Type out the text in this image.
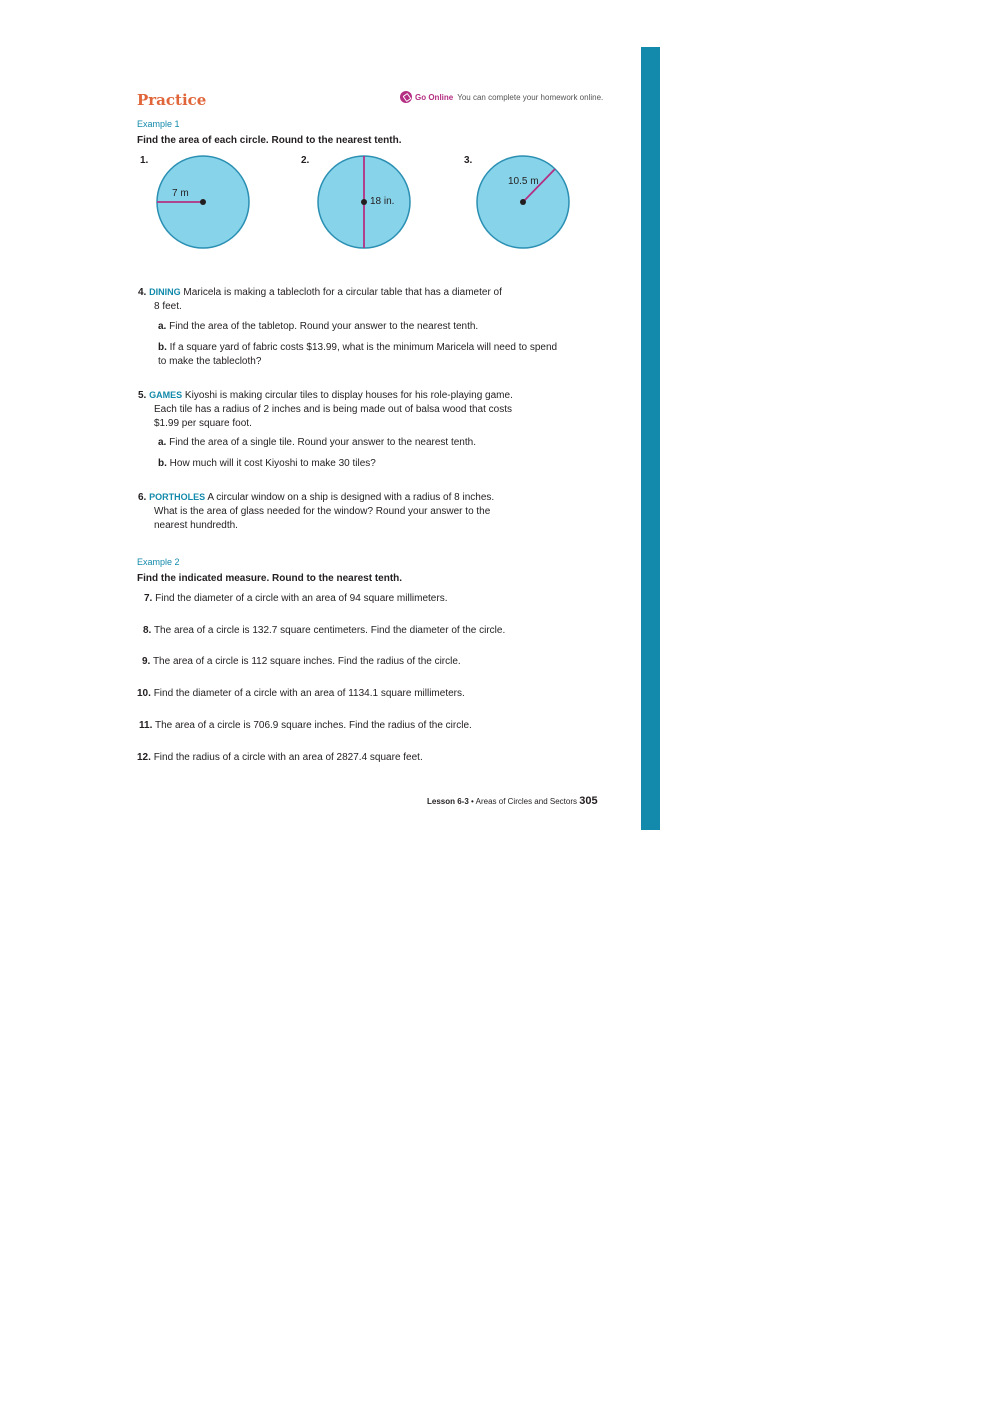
Practice	Go Online You can complete your homework online.
Example 1
Find the area of each circle. Round to the nearest tenth.
1.	2.	3.
7 m
18 in.
10.5 m
4. DINING Maricela is making a tablecloth for a circular table that has a diameter of
8 feet.
a. Find the area of the tabletop. Round your answer to the nearest tenth.
b. If a square yard of fabric costs $13.99, what is the minimum Maricela will need to spend to make the tablecloth?
5. GAMES Kiyoshi is making circular tiles to display houses for his role-playing game.
Each tile has a radius of 2 inches and is being made out of balsa wood that costs
$1.99 per square foot.
a. Find the area of a single tile. Round your answer to the nearest tenth.
b. How much will it cost Kiyoshi to make 30 tiles?
6. PORTHOLES A circular window on a ship is designed with a radius of 8 inches.
What is the area of glass needed for the window? Round your answer to the
nearest hundredth.
Example 2
Find the indicated measure. Round to the nearest tenth.
7. Find the diameter of a circle with an area of 94 square millimeters.
8. The area of a circle is 132.7 square centimeters. Find the diameter of the circle.
9. The area of a circle is 112 square inches. Find the radius of the circle.
10. Find the diameter of a circle with an area of 1134.1 square millimeters.
11. The area of a circle is 706.9 square inches. Find the radius of the circle.
12. Find the radius of a circle with an area of 2827.4 square feet.
Lesson 6-3 • Areas of Circles and Sectors 305
